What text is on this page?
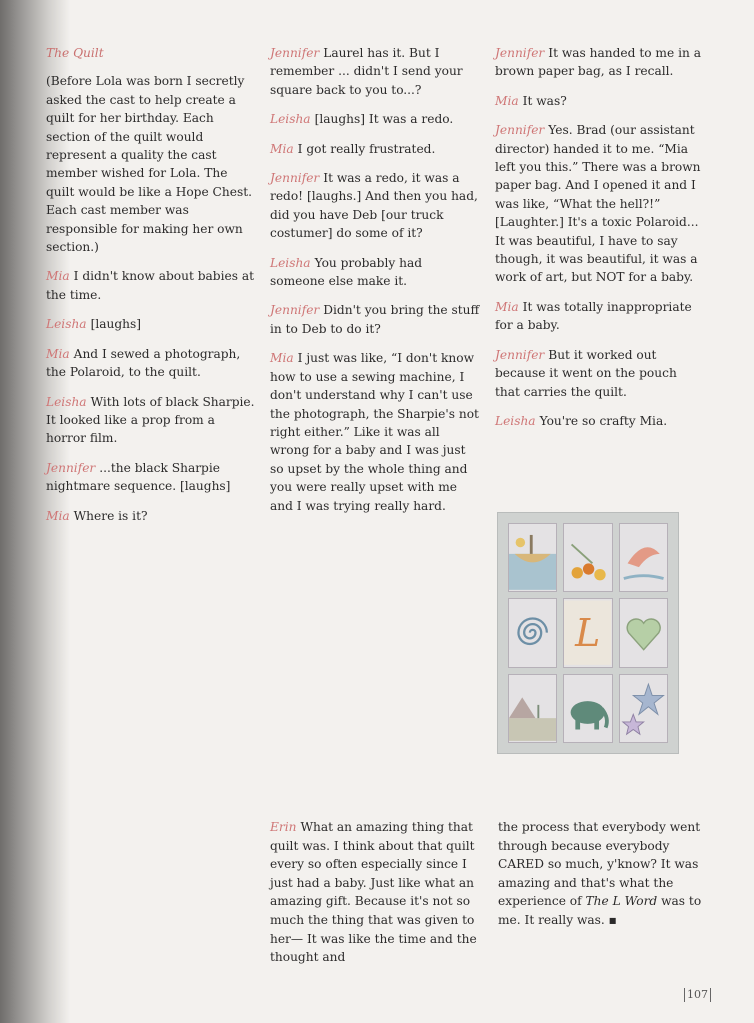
The Quilt

(Before Lola was born I secretly asked the cast to help create a quilt for her birthday. Each section of the quilt would represent a quality the cast member wished for Lola. The quilt would be like a Hope Chest. Each cast member was responsible for making her own section.)

Mia I didn't know about babies at the time.

Leisha [laughs]

Mia And I sewed a photograph, the Polaroid, to the quilt.

Leisha With lots of black Sharpie. It looked like a prop from a horror film.

Jennifer ...the black Sharpie nightmare sequence. [laughs]

Mia Where is it?

Jennifer Laurel has it. But I remember ... didn't I send your square back to you to...?

Leisha [laughs] It was a redo.

Mia I got really frustrated.

Jennifer It was a redo, it was a redo! [laughs.] And then you had, did you have Deb [our truck costumer] do some of it?

Leisha You probably had someone else make it.

Jennifer Didn't you bring the stuff in to Deb to do it?

Mia I just was like, “I don't know how to use a sewing machine, I don't understand why I can't use the photograph, the Sharpie's not right either.” Like it was all wrong for a baby and I was just so upset by the whole thing and you were really upset with me and I was trying really hard.

Jennifer It was handed to me in a brown paper bag, as I recall.

Mia It was?

Jennifer Yes. Brad (our assistant director) handed it to me. “Mia left you this.” There was a brown paper bag. And I opened it and I was like, “What the hell?!” [Laughter.] It's a toxic Polaroid... It was beautiful, I have to say though, it was beautiful, it was a work of art, but NOT for a baby.

Mia It was totally inappropriate for a baby.

Jennifer But it worked out because it went on the pouch that carries the quilt.

Leisha You're so crafty Mia.

L

Erin What an amazing thing that quilt was. I think about that quilt every so often especially since I just had a baby. Just like what an amazing gift. Because it's not so much the thing that was given to her— It was like the time and the thought and

the process that everybody went through because everybody CARED so much, y'know? It was amazing and that's what the experience of The L Word was to me. It really was. ▪

107
